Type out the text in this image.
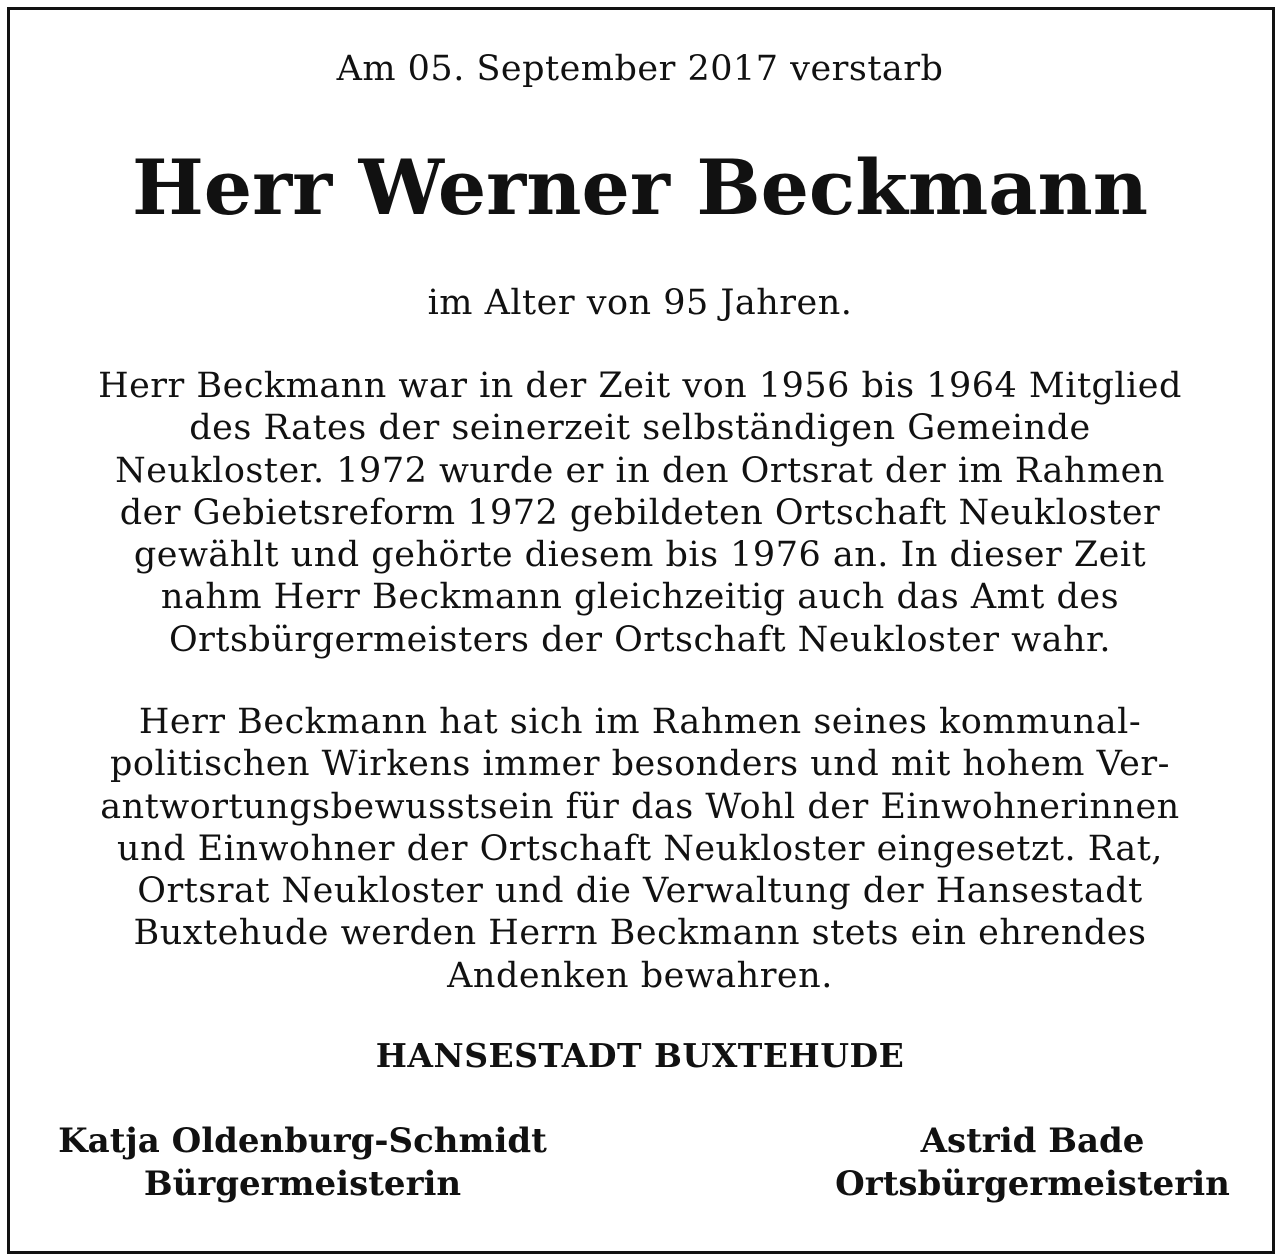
Am 05. September 2017 verstarb
Herr Werner Beckmann
im Alter von 95 Jahren.
Herr Beckmann war in der Zeit von 1956 bis 1964 Mitglied
des Rates der seinerzeit selbständigen Gemeinde
Neukloster. 1972 wurde er in den Ortsrat der im Rahmen
der Gebietsreform 1972 gebildeten Ortschaft Neukloster
gewählt und gehörte diesem bis 1976 an. In dieser Zeit
nahm Herr Beckmann gleichzeitig auch das Amt des
Ortsbürgermeisters der Ortschaft Neukloster wahr.
Herr Beckmann hat sich im Rahmen seines kommunal-
politischen Wirkens immer besonders und mit hohem Ver-
antwortungsbewusstsein für das Wohl der Einwohnerinnen
und Einwohner der Ortschaft Neukloster eingesetzt. Rat,
Ortsrat Neukloster und die Verwaltung der Hansestadt
Buxtehude werden Herrn Beckmann stets ein ehrendes
Andenken bewahren.
HANSESTADT BUXTEHUDE
Katja Oldenburg-Schmidt
Bürgermeisterin
Astrid Bade
Ortsbürgermeisterin
